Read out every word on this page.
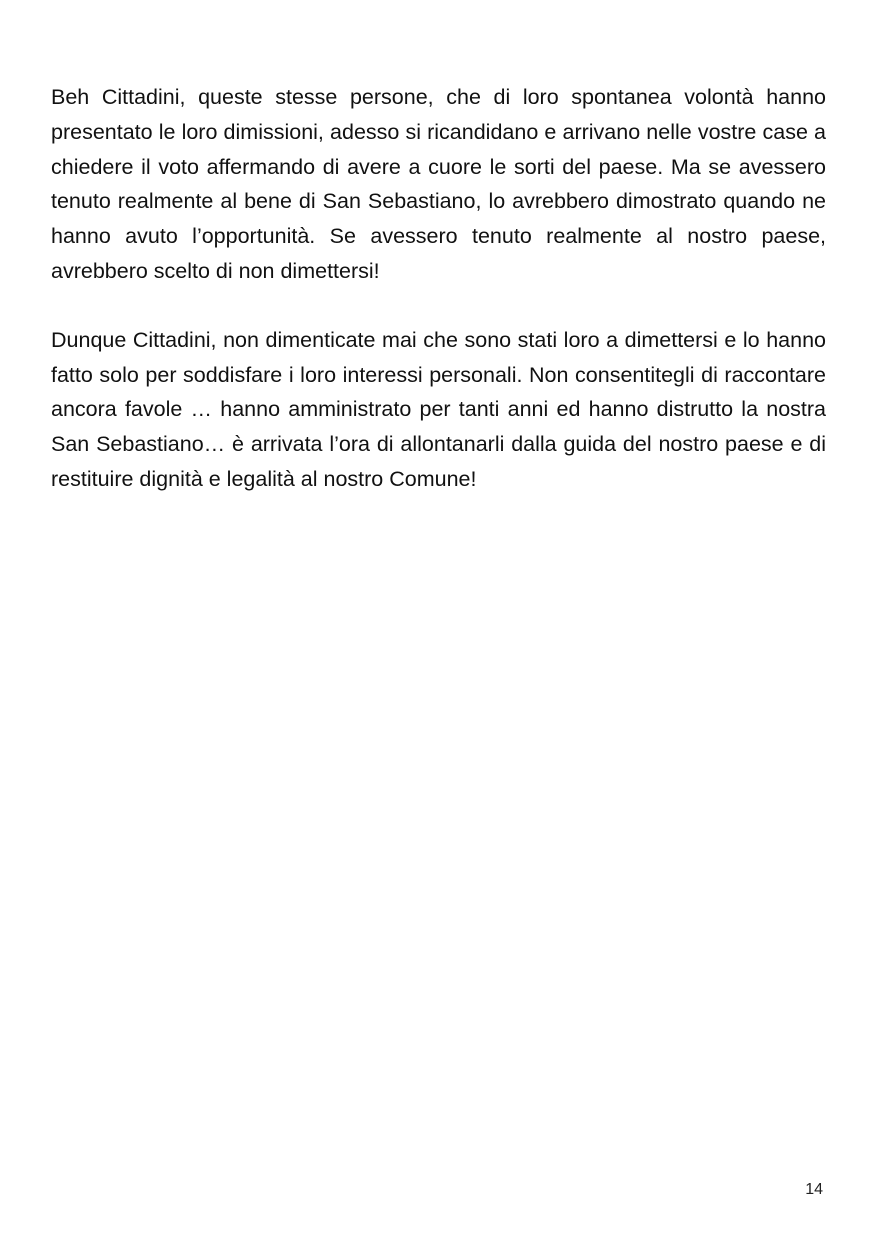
Beh Cittadini, queste stesse persone, che di loro spontanea volontà hanno presentato le loro dimissioni, adesso si ricandidano e arrivano nelle vostre case a chiedere il voto affermando di avere a cuore le sorti del paese. Ma se avessero tenuto realmente al bene di San Sebastiano, lo avrebbero dimostrato quando ne hanno avuto l’opportunità. Se avessero tenuto realmente al nostro paese, avrebbero scelto di non dimettersi!

Dunque Cittadini, non dimenticate mai che sono stati loro a dimettersi e lo hanno fatto solo per soddisfare i loro interessi personali. Non consentitegli di raccontare ancora favole … hanno amministrato per tanti anni ed hanno distrutto la nostra San Sebastiano… è arrivata l’ora di allontanarli dalla guida del nostro paese e di restituire dignità e legalità al nostro Comune!

14
